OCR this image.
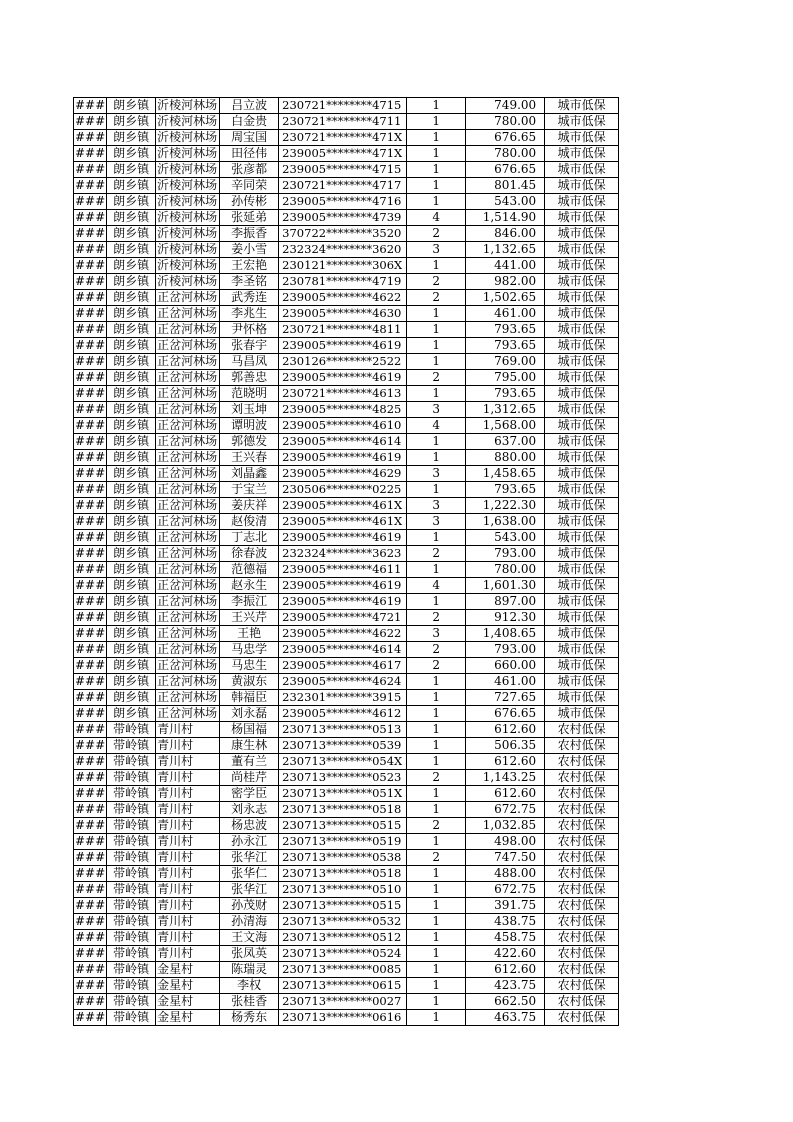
###	朗乡镇	沂棱河林场	吕立波	230721********4715	1	749.00	城市低保
###	朗乡镇	沂棱河林场	白金贵	230721********4711	1	780.00	城市低保
###	朗乡镇	沂棱河林场	周宝国	230721********471X	1	676.65	城市低保
###	朗乡镇	沂棱河林场	田径伟	239005********471X	1	780.00	城市低保
###	朗乡镇	沂棱河林场	张彦都	239005********4715	1	676.65	城市低保
###	朗乡镇	沂棱河林场	辛同荣	230721********4717	1	801.45	城市低保
###	朗乡镇	沂棱河林场	孙传彬	239005********4716	1	543.00	城市低保
###	朗乡镇	沂棱河林场	张延弟	239005********4739	4	1,514.90	城市低保
###	朗乡镇	沂棱河林场	李振香	370722********3520	2	846.00	城市低保
###	朗乡镇	沂棱河林场	姜小雪	232324********3620	3	1,132.65	城市低保
###	朗乡镇	沂棱河林场	王宏艳	230121********306X	1	441.00	城市低保
###	朗乡镇	沂棱河林场	李圣铭	230781********4719	2	982.00	城市低保
###	朗乡镇	正岔河林场	武秀连	239005********4622	2	1,502.65	城市低保
###	朗乡镇	正岔河林场	李兆生	239005********4630	1	461.00	城市低保
###	朗乡镇	正岔河林场	尹怀格	230721********4811	1	793.65	城市低保
###	朗乡镇	正岔河林场	张春宇	239005********4619	1	793.65	城市低保
###	朗乡镇	正岔河林场	马昌凤	230126********2522	1	769.00	城市低保
###	朗乡镇	正岔河林场	郭善忠	239005********4619	2	795.00	城市低保
###	朗乡镇	正岔河林场	范晓明	230721********4613	1	793.65	城市低保
###	朗乡镇	正岔河林场	刘玉坤	239005********4825	3	1,312.65	城市低保
###	朗乡镇	正岔河林场	谭明波	239005********4610	4	1,568.00	城市低保
###	朗乡镇	正岔河林场	郭德发	239005********4614	1	637.00	城市低保
###	朗乡镇	正岔河林场	王兴春	239005********4619	1	880.00	城市低保
###	朗乡镇	正岔河林场	刘晶鑫	239005********4629	3	1,458.65	城市低保
###	朗乡镇	正岔河林场	于宝兰	230506********0225	1	793.65	城市低保
###	朗乡镇	正岔河林场	姜庆祥	239005********461X	3	1,222.30	城市低保
###	朗乡镇	正岔河林场	赵俊清	239005********461X	3	1,638.00	城市低保
###	朗乡镇	正岔河林场	丁志北	239005********4619	1	543.00	城市低保
###	朗乡镇	正岔河林场	徐春波	232324********3623	2	793.00	城市低保
###	朗乡镇	正岔河林场	范德福	239005********4611	1	780.00	城市低保
###	朗乡镇	正岔河林场	赵永生	239005********4619	4	1,601.30	城市低保
###	朗乡镇	正岔河林场	李振江	239005********4619	1	897.00	城市低保
###	朗乡镇	正岔河林场	王兴芹	239005********4721	2	912.30	城市低保
###	朗乡镇	正岔河林场	王艳	239005********4622	3	1,408.65	城市低保
###	朗乡镇	正岔河林场	马忠学	239005********4614	2	793.00	城市低保
###	朗乡镇	正岔河林场	马忠生	239005********4617	2	660.00	城市低保
###	朗乡镇	正岔河林场	黄淑东	239005********4624	1	461.00	城市低保
###	朗乡镇	正岔河林场	韩福臣	232301********3915	1	727.65	城市低保
###	朗乡镇	正岔河林场	刘永磊	239005********4612	1	676.65	城市低保
###	带岭镇	青川村	杨国福	230713********0513	1	612.60	农村低保
###	带岭镇	青川村	康生林	230713********0539	1	506.35	农村低保
###	带岭镇	青川村	董有兰	230713********054X	1	612.60	农村低保
###	带岭镇	青川村	尚桂芹	230713********0523	2	1,143.25	农村低保
###	带岭镇	青川村	密学臣	230713********051X	1	612.60	农村低保
###	带岭镇	青川村	刘永志	230713********0518	1	672.75	农村低保
###	带岭镇	青川村	杨忠波	230713********0515	2	1,032.85	农村低保
###	带岭镇	青川村	孙永江	230713********0519	1	498.00	农村低保
###	带岭镇	青川村	张华江	230713********0538	2	747.50	农村低保
###	带岭镇	青川村	张华仁	230713********0518	1	488.00	农村低保
###	带岭镇	青川村	张华江	230713********0510	1	672.75	农村低保
###	带岭镇	青川村	孙茂财	230713********0515	1	391.75	农村低保
###	带岭镇	青川村	孙清海	230713********0532	1	438.75	农村低保
###	带岭镇	青川村	王文海	230713********0512	1	458.75	农村低保
###	带岭镇	青川村	张凤英	230713********0524	1	422.60	农村低保
###	带岭镇	金星村	陈瑞灵	230713********0085	1	612.60	农村低保
###	带岭镇	金星村	李权	230713********0615	1	423.75	农村低保
###	带岭镇	金星村	张桂香	230713********0027	1	662.50	农村低保
###	带岭镇	金星村	杨秀东	230713********0616	1	463.75	农村低保
